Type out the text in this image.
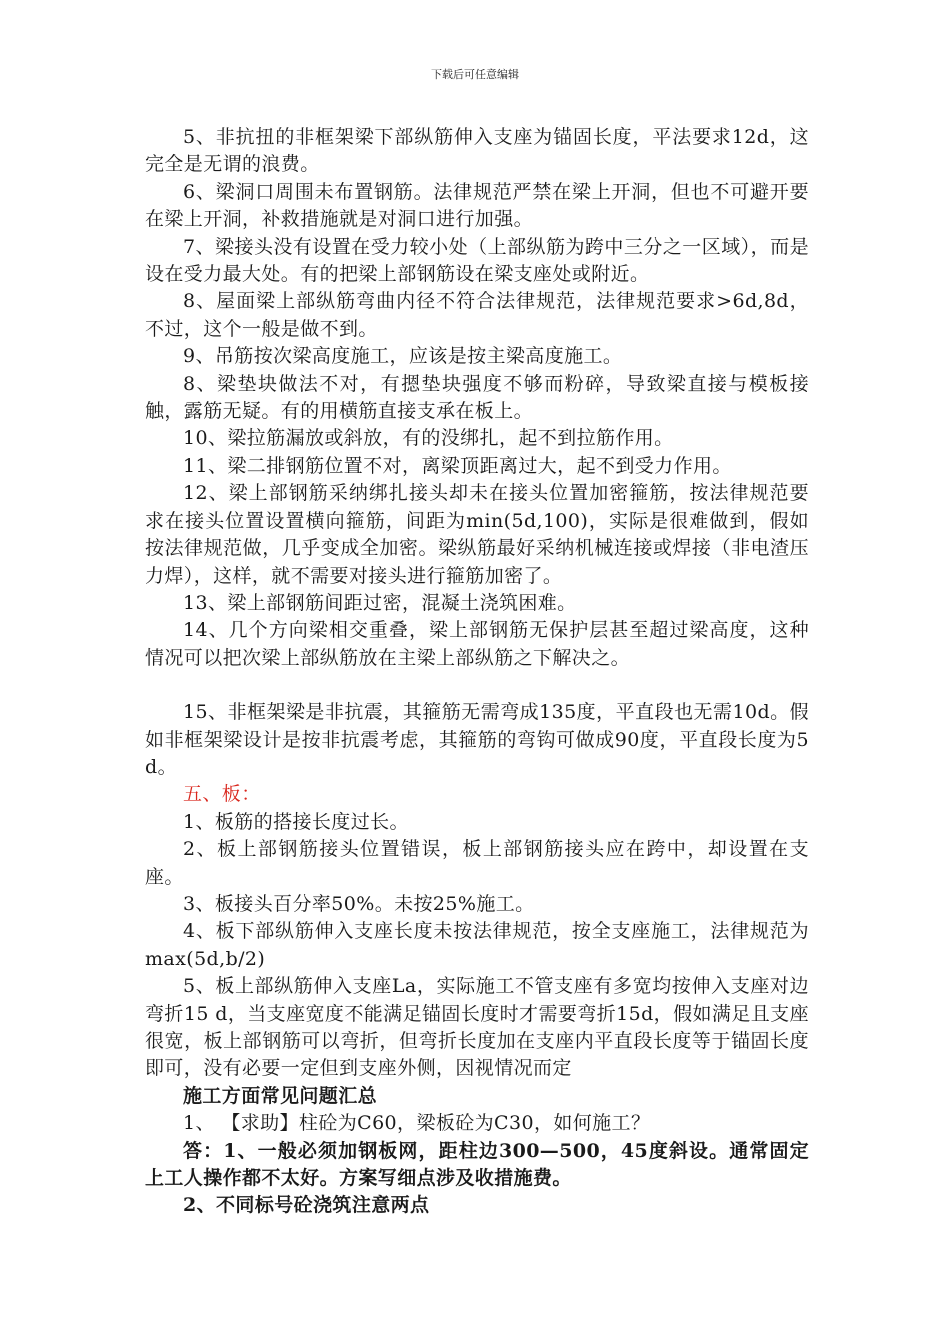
下载后可任意编辑

5、非抗扭的非框架梁下部纵筋伸入支座为锚固长度，平法要求12d，这完全是无谓的浪费。

6、梁洞口周围未布置钢筋。法律规范严禁在梁上开洞，但也不可避开要在梁上开洞，补救措施就是对洞口进行加强。

7、梁接头没有设置在受力较小处（上部纵筋为跨中三分之一区域），而是设在受力最大处。有的把梁上部钢筋设在梁支座处或附近。

8、屋面梁上部纵筋弯曲内径不符合法律规范，法律规范要求>6d,8d，不过，这个一般是做不到。

9、吊筋按次梁高度施工，应该是按主梁高度施工。

8、梁垫块做法不对，有摁垫块强度不够而粉碎，导致梁直接与模板接触，露筋无疑。有的用横筋直接支承在板上。

10、梁拉筋漏放或斜放，有的没绑扎，起不到拉筋作用。

11、梁二排钢筋位置不对，离梁顶距离过大，起不到受力作用。

12、梁上部钢筋采纳绑扎接头却未在接头位置加密箍筋，按法律规范要求在接头位置设置横向箍筋，间距为min(5d,100)，实际是很难做到，假如按法律规范做，几乎变成全加密。梁纵筋最好采纳机械连接或焊接（非电渣压力焊），这样，就不需要对接头进行箍筋加密了。

13、梁上部钢筋间距过密，混凝土浇筑困难。

14、几个方向梁相交重叠，梁上部钢筋无保护层甚至超过梁高度，这种情况可以把次梁上部纵筋放在主梁上部纵筋之下解决之。

15、非框架梁是非抗震，其箍筋无需弯成135度，平直段也无需10d。假如非框架梁设计是按非抗震考虑，其箍筋的弯钩可做成90度，平直段长度为5d。

五、板：

1、板筋的搭接长度过长。

2、板上部钢筋接头位置错误，板上部钢筋接头应在跨中，却设置在支座。

3、板接头百分率50%。未按25%施工。

4、板下部纵筋伸入支座长度未按法律规范，按全支座施工，法律规范为max(5d,b/2)

5、板上部纵筋伸入支座La，实际施工不管支座有多宽均按伸入支座对边弯折15 d，当支座宽度不能满足锚固长度时才需要弯折15d，假如满足且支座很宽，板上部钢筋可以弯折，但弯折长度加在支座内平直段长度等于锚固长度即可，没有必要一定但到支座外侧，因视情况而定

施工方面常见问题汇总

1、 【求助】柱砼为C60，梁板砼为C30，如何施工？

答：1、一般必须加钢板网，距柱边300—500，45度斜设。通常固定上工人操作都不太好。方案写细点涉及收措施费。

2、不同标号砼浇筑注意两点
